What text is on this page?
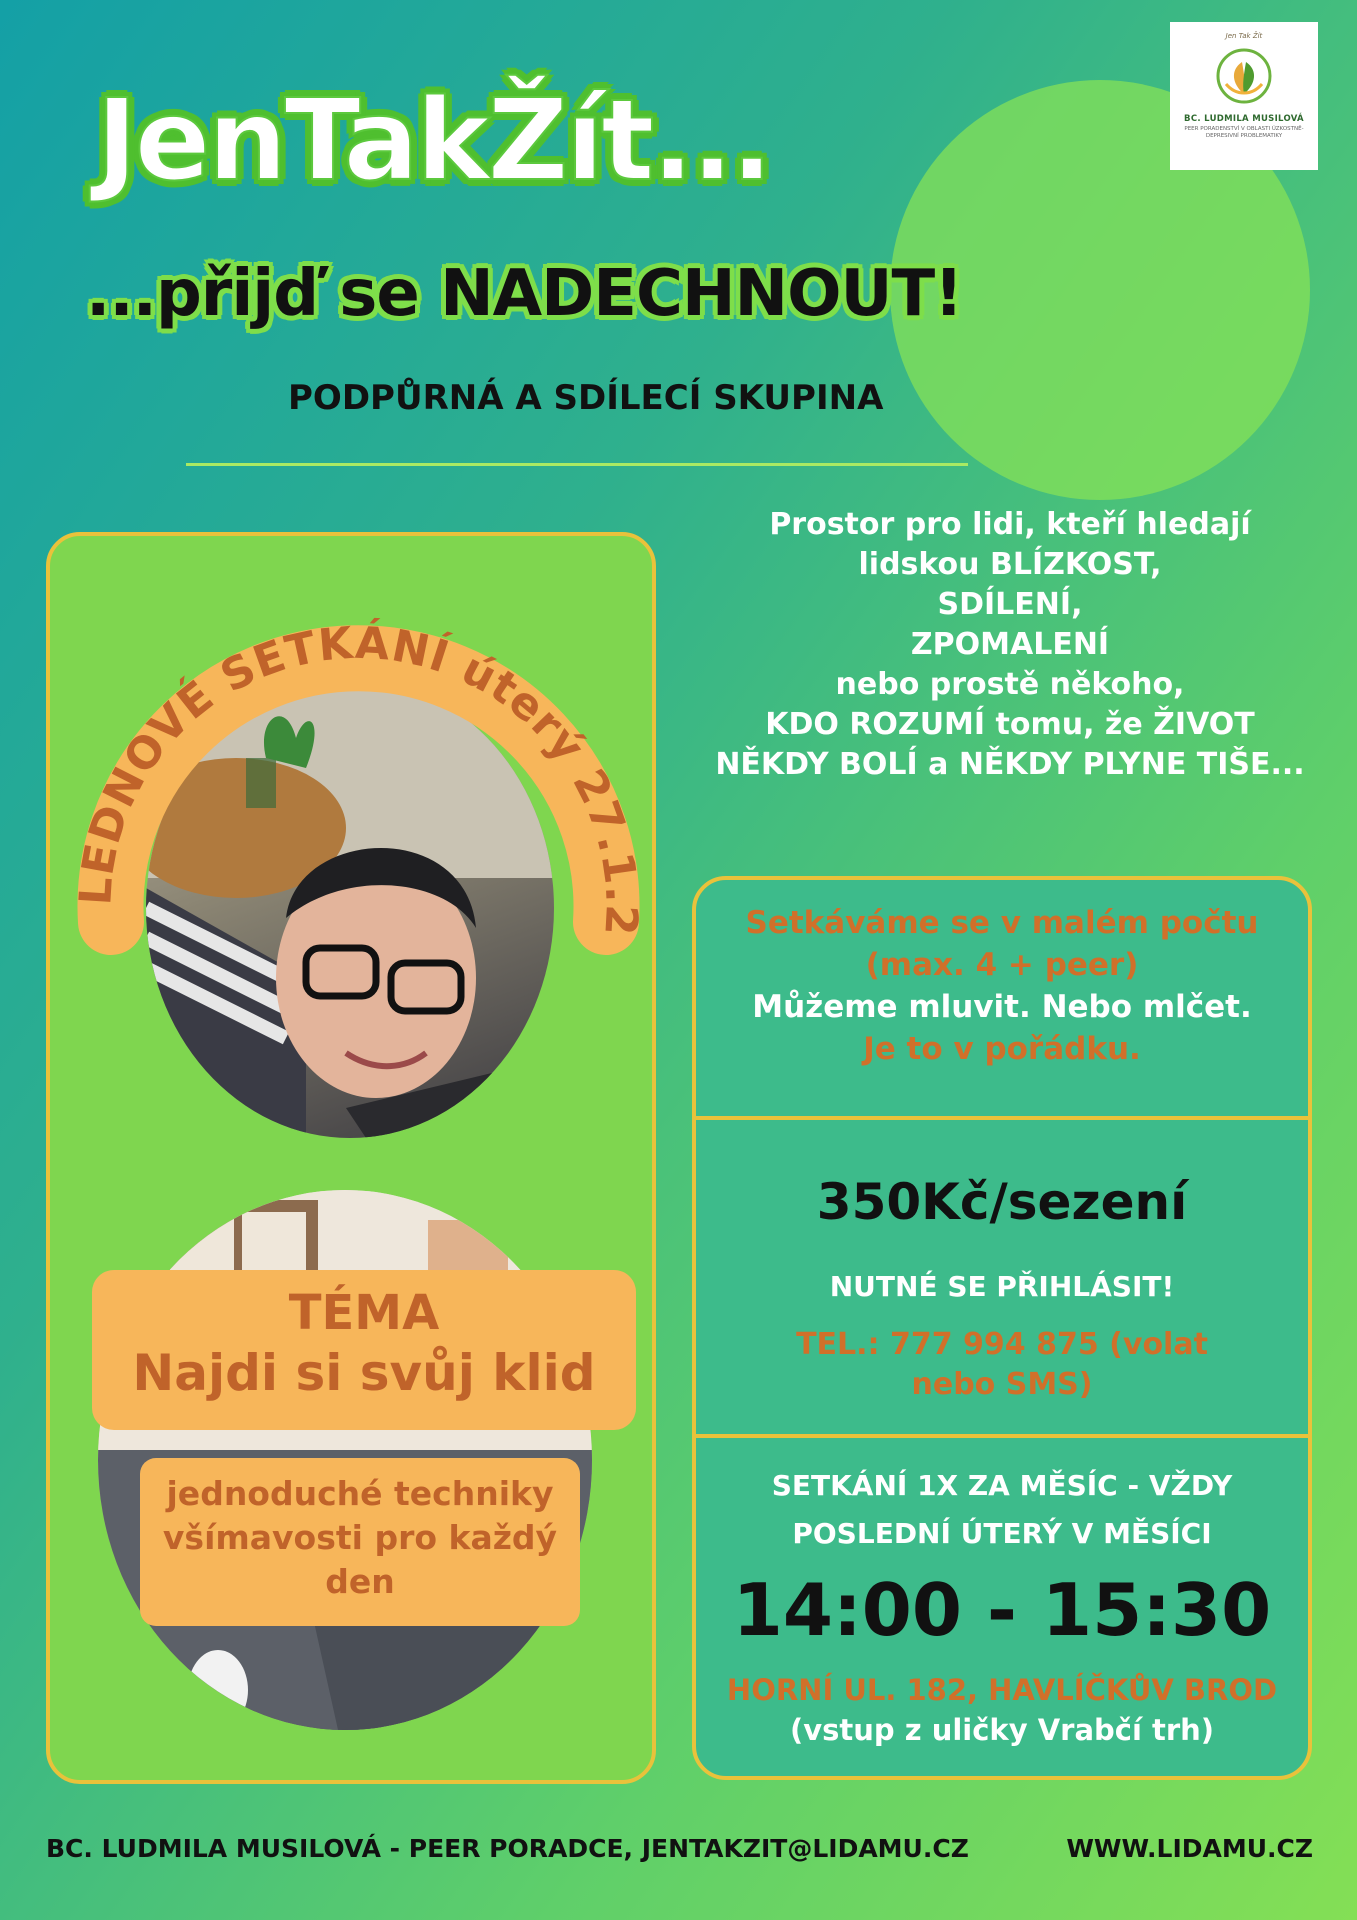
Jen Tak Žít
BC. LUDMILA MUSILOVÁ
PEER PORADENSTVÍ V OBLASTI ÚZKOSTNĚ-DEPRESIVNÍ PROBLEMATIKY
JenTakŽít...
...přijď se NADECHNOUT!
PODPŮRNÁ A SDÍLECÍ SKUPINA
Prostor pro lidi, kteří hledají
lidskou BLÍZKOST,
SDÍLENÍ,
ZPOMALENÍ
nebo prostě někoho,
KDO ROZUMÍ tomu, že ŽIVOT
NĚKDY BOLÍ a NĚKDY PLYNE TIŠE...
LEDNOVÉ SETKÁNÍ úterý 27.1.2026
TÉMA
Najdi si svůj klid
jednoduché techniky
všímavosti pro každý
den
Setkáváme se v malém počtu
(max. 4 + peer)
Můžeme mluvit. Nebo mlčet.
Je to v pořádku.
350Kč/sezení
NUTNÉ SE PŘIHLÁSIT!
TEL.: 777 994 875 (volat
nebo SMS)
SETKÁNÍ 1X ZA MĚSÍC - VŽDY
POSLEDNÍ ÚTERÝ V MĚSÍCI
14:00 - 15:30
HORNÍ UL. 182, HAVLÍČKŮV BROD
(vstup z uličky Vrabčí trh)
BC. LUDMILA MUSILOVÁ - PEER PORADCE, JENTAKZIT@LIDAMU.CZ	WWW.LIDAMU.CZ
